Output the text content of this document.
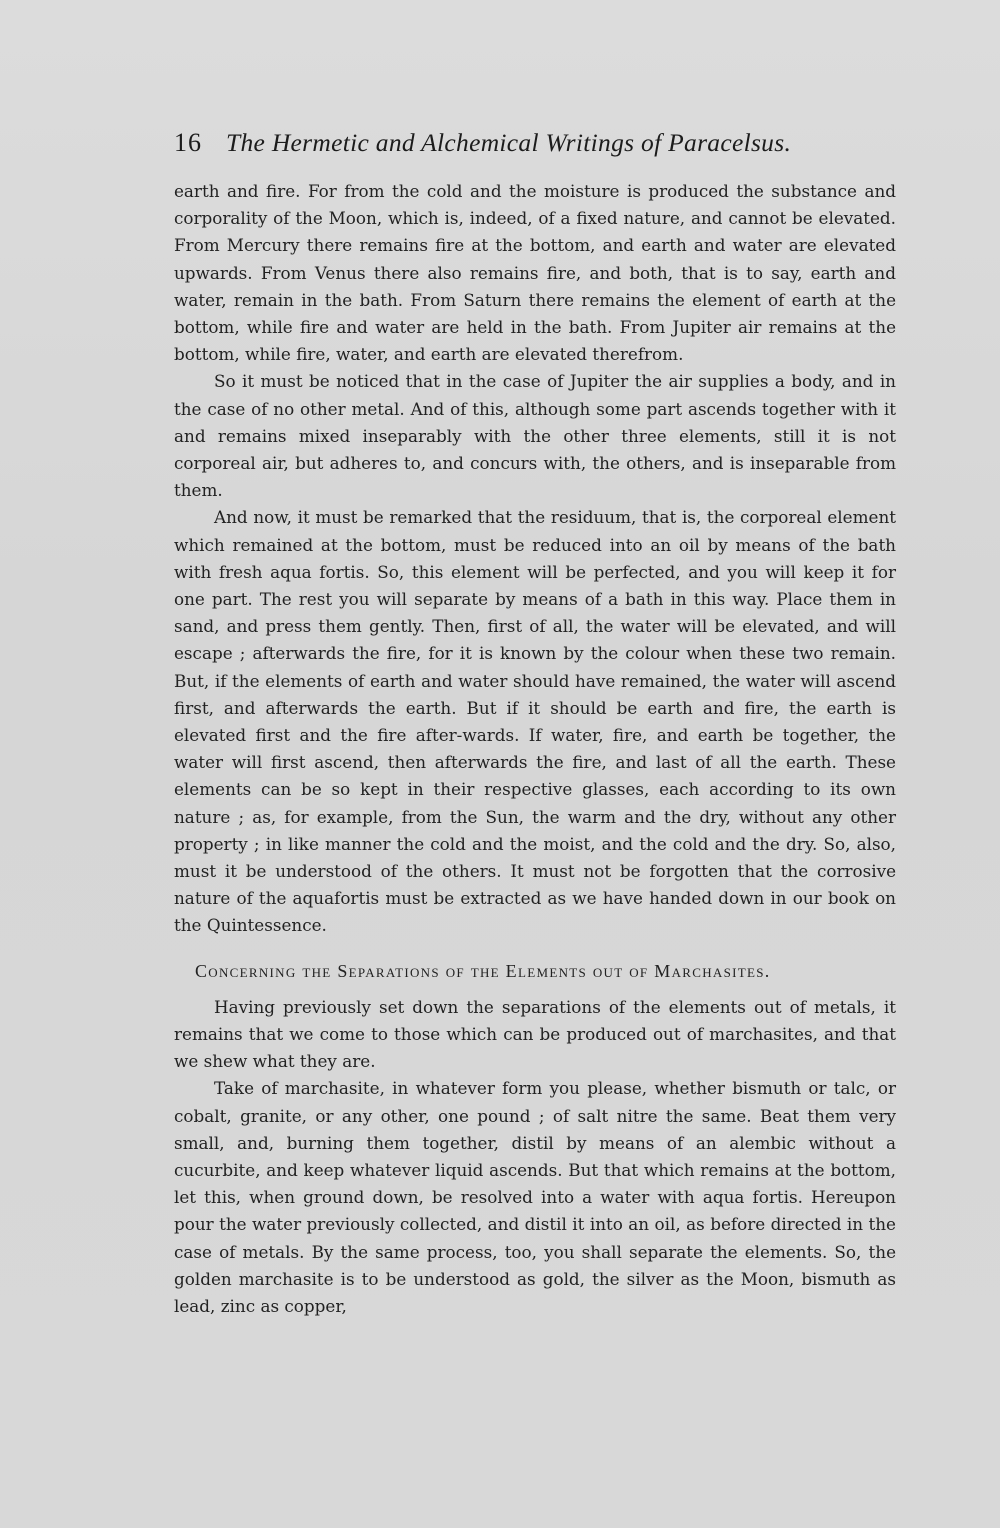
16 The Hermetic and Alchemical Writings of Paracelsus.

earth and fire. For from the cold and the moisture is produced the substance and corporality of the Moon, which is, indeed, of a fixed nature, and cannot be elevated. From Mercury there remains fire at the bottom, and earth and water are elevated upwards. From Venus there also remains fire, and both, that is to say, earth and water, remain in the bath. From Saturn there remains the element of earth at the bottom, while fire and water are held in the bath. From Jupiter air remains at the bottom, while fire, water, and earth are elevated therefrom.

So it must be noticed that in the case of Jupiter the air supplies a body, and in the case of no other metal. And of this, although some part ascends together with it and remains mixed inseparably with the other three elements, still it is not corporeal air, but adheres to, and concurs with, the others, and is inseparable from them.

And now, it must be remarked that the residuum, that is, the corporeal element which remained at the bottom, must be reduced into an oil by means of the bath with fresh aqua fortis. So, this element will be perfected, and you will keep it for one part. The rest you will separate by means of a bath in this way. Place them in sand, and press them gently. Then, first of all, the water will be elevated, and will escape ; afterwards the fire, for it is known by the colour when these two remain. But, if the elements of earth and water should have remained, the water will ascend first, and afterwards the earth. But if it should be earth and fire, the earth is elevated first and the fire after-wards. If water, fire, and earth be together, the water will first ascend, then afterwards the fire, and last of all the earth. These elements can be so kept in their respective glasses, each according to its own nature ; as, for example, from the Sun, the warm and the dry, without any other property ; in like manner the cold and the moist, and the cold and the dry. So, also, must it be understood of the others. It must not be forgotten that the corrosive nature of the aquafortis must be extracted as we have handed down in our book on the Quintessence.

Concerning the Separations of the Elements out of Marchasites.

Having previously set down the separations of the elements out of metals, it remains that we come to those which can be produced out of marchasites, and that we shew what they are.

Take of marchasite, in whatever form you please, whether bismuth or talc, or cobalt, granite, or any other, one pound ; of salt nitre the same. Beat them very small, and, burning them together, distil by means of an alembic without a cucurbite, and keep whatever liquid ascends. But that which remains at the bottom, let this, when ground down, be resolved into a water with aqua fortis. Hereupon pour the water previously collected, and distil it into an oil, as before directed in the case of metals. By the same process, too, you shall separate the elements. So, the golden marchasite is to be understood as gold, the silver as the Moon, bismuth as lead, zinc as copper,
